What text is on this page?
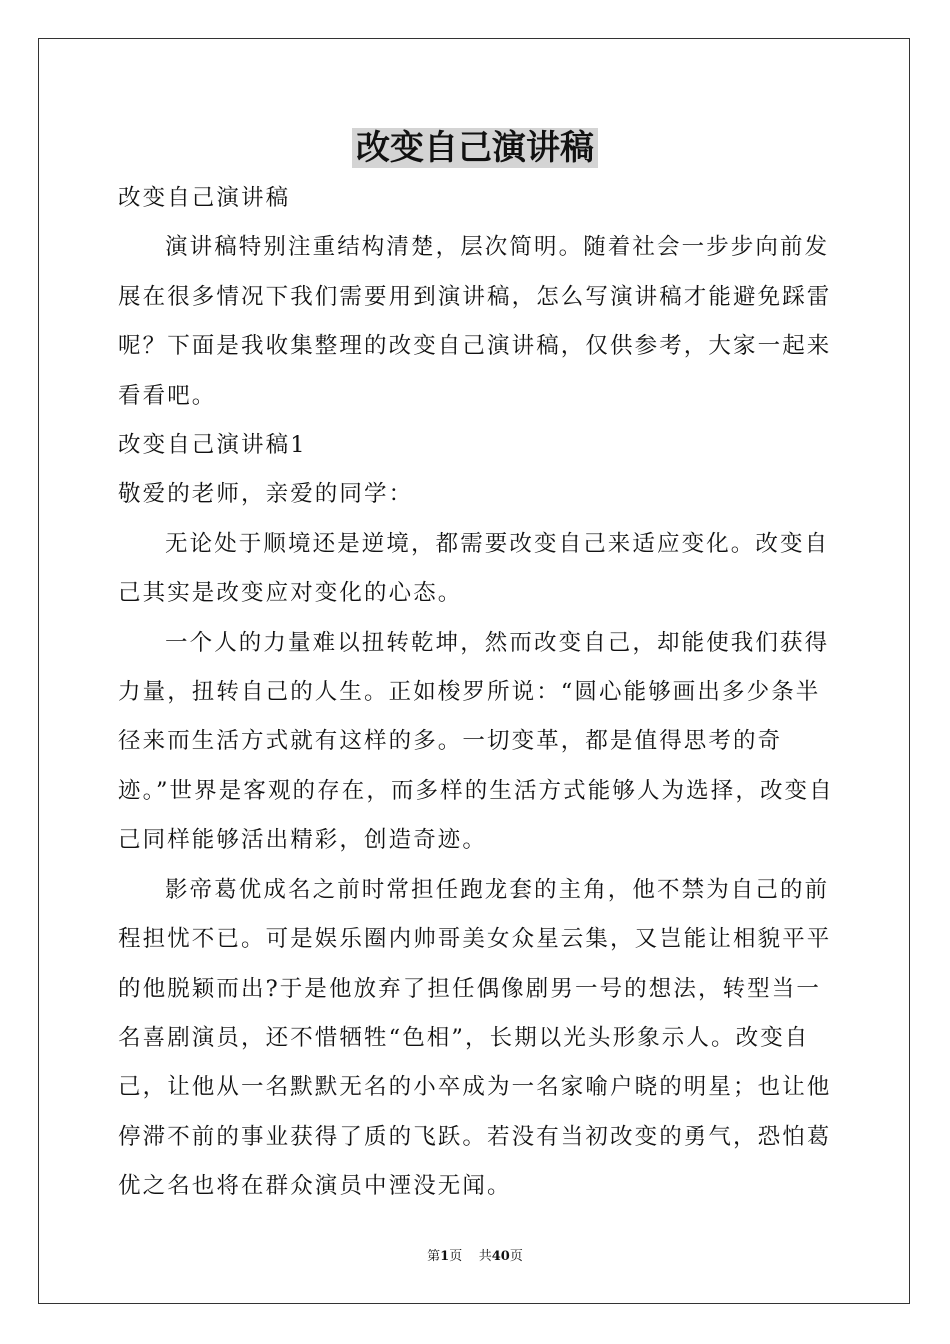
改变自己演讲稿

改变自己演讲稿

演讲稿特别注重结构清楚，层次简明。随着社会一步步向前发展在很多情况下我们需要用到演讲稿，怎么写演讲稿才能避免踩雷呢？下面是我收集整理的改变自己演讲稿，仅供参考，大家一起来看看吧。

改变自己演讲稿1

敬爱的老师，亲爱的同学：

无论处于顺境还是逆境，都需要改变自己来适应变化。改变自己其实是改变应对变化的心态。

一个人的力量难以扭转乾坤，然而改变自己，却能使我们获得力量，扭转自己的人生。正如梭罗所说：“圆心能够画出多少条半径来而生活方式就有这样的多。一切变革，都是值得思考的奇迹。”世界是客观的存在，而多样的生活方式能够人为选择，改变自己同样能够活出精彩，创造奇迹。

影帝葛优成名之前时常担任跑龙套的主角，他不禁为自己的前程担忧不已。可是娱乐圈内帅哥美女众星云集，又岂能让相貌平平的他脱颖而出?于是他放弃了担任偶像剧男一号的想法，转型当一名喜剧演员，还不惜牺牲“色相”，长期以光头形象示人。改变自己，让他从一名默默无名的小卒成为一名家喻户晓的明星；也让他停滞不前的事业获得了质的飞跃。若没有当初改变的勇气，恐怕葛优之名也将在群众演员中湮没无闻。

第1页 共40页
